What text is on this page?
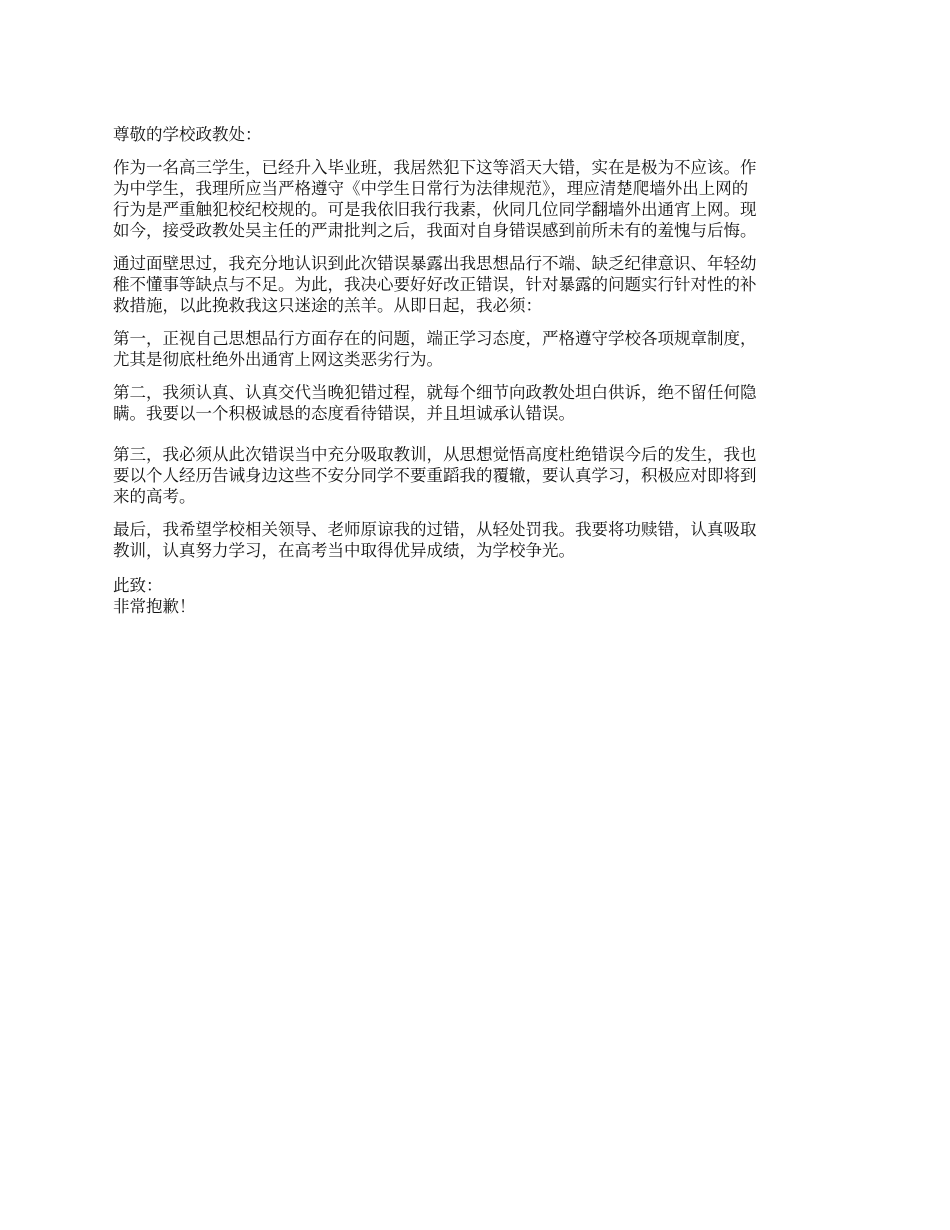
尊敬的学校政教处：

作为一名高三学生，已经升入毕业班，我居然犯下这等滔天大错，实在是极为不应该。作

为中学生，我理所应当严格遵守《中学生日常行为法律规范》，理应清楚爬墙外出上网的

行为是严重触犯校纪校规的。可是我依旧我行我素，伙同几位同学翻墙外出通宵上网。现

如今，接受政教处吴主任的严肃批判之后，我面对自身错误感到前所未有的羞愧与后悔。

通过面壁思过，我充分地认识到此次错误暴露出我思想品行不端、缺乏纪律意识、年轻幼

稚不懂事等缺点与不足。为此，我决心要好好改正错误，针对暴露的问题实行针对性的补

救措施，以此挽救我这只迷途的羔羊。从即日起，我必须：

第一，正视自己思想品行方面存在的问题，端正学习态度，严格遵守学校各项规章制度，

尤其是彻底杜绝外出通宵上网这类恶劣行为。

第二，我须认真、认真交代当晚犯错过程，就每个细节向政教处坦白供诉，绝不留任何隐

瞒。我要以一个积极诚恳的态度看待错误，并且坦诚承认错误。

第三，我必须从此次错误当中充分吸取教训，从思想觉悟高度杜绝错误今后的发生，我也

要以个人经历告诫身边这些不安分同学不要重蹈我的覆辙，要认真学习，积极应对即将到

来的高考。

最后，我希望学校相关领导、老师原谅我的过错，从轻处罚我。我要将功赎错，认真吸取

教训，认真努力学习，在高考当中取得优异成绩，为学校争光。

此致：

非常抱歉！
